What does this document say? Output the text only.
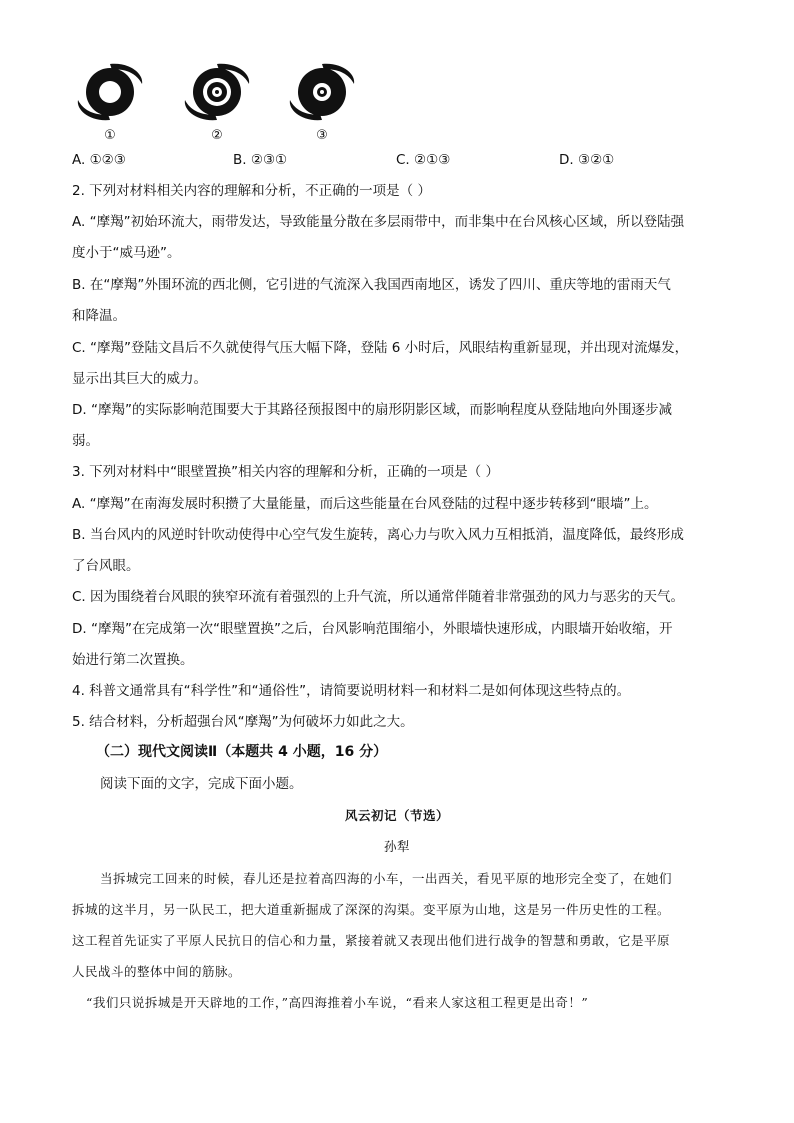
①	②	③
A. ①②③	B. ②③①	C. ②①③	D. ③②①
2. 下列对材料相关内容的理解和分析，不正确的一项是（ ）
A. “摩羯”初始环流大，雨带发达，导致能量分散在多层雨带中，而非集中在台风核心区域，所以登陆强
度小于“威马逊”。
B. 在“摩羯”外围环流的西北侧，它引进的气流深入我国西南地区，诱发了四川、重庆等地的雷雨天气
和降温。
C. “摩羯”登陆文昌后不久就使得气压大幅下降，登陆 6 小时后，风眼结构重新显现，并出现对流爆发，
显示出其巨大的威力。
D. “摩羯”的实际影响范围要大于其路径预报图中的扇形阴影区域，而影响程度从登陆地向外围逐步减
弱。
3. 下列对材料中“眼壁置换”相关内容的理解和分析，正确的一项是（ ）
A. “摩羯”在南海发展时积攒了大量能量，而后这些能量在台风登陆的过程中逐步转移到“眼墙”上。
B. 当台风内的风逆时针吹动使得中心空气发生旋转，离心力与吹入风力互相抵消，温度降低，最终形成
了台风眼。
C. 因为围绕着台风眼的狭窄环流有着强烈的上升气流，所以通常伴随着非常强劲的风力与恶劣的天气。
D. “摩羯”在完成第一次“眼壁置换”之后，台风影响范围缩小，外眼墙快速形成，内眼墙开始收缩，开
始进行第二次置换。
4. 科普文通常具有“科学性”和“通俗性”，请简要说明材料一和材料二是如何体现这些特点的。
5. 结合材料，分析超强台风“摩羯”为何破坏力如此之大。
（二）现代文阅读Ⅱ（本题共 4 小题，16 分）
阅读下面的文字，完成下面小题。
风云初记（节选）
孙犁
当拆城完工回来的时候，春儿还是拉着高四海的小车，一出西关，看见平原的地形完全变了，在她们
拆城的这半月，另一队民工，把大道重新掘成了深深的沟渠。变平原为山地，这是另一件历史性的工程。
这工程首先证实了平原人民抗日的信心和力量，紧接着就又表现出他们进行战争的智慧和勇敢，它是平原
人民战斗的整体中间的筋脉。
“我们只说拆城是开天辟地的工作，”高四海推着小车说，“看来人家这租工程更是出奇！”
